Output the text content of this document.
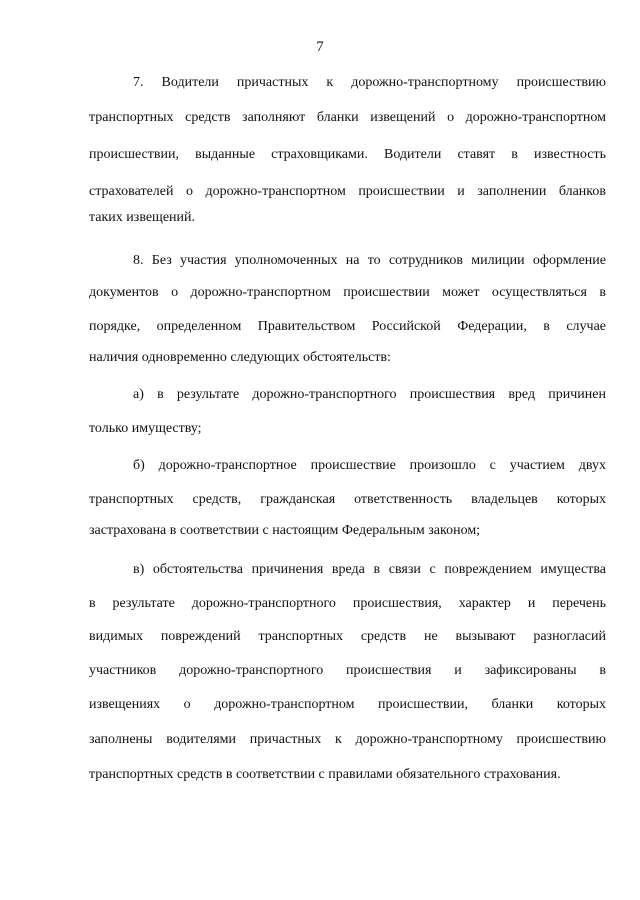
7
7. Водители причастных к дорожно-транспортному происшествию
транспортных средств заполняют бланки извещений о дорожно-транспортном
происшествии, выданные страховщиками. Водители ставят в известность
страхователей о дорожно-транспортном происшествии и заполнении бланков
таких извещений.
8. Без участия уполномоченных на то сотрудников милиции оформление
документов о дорожно-транспортном происшествии может осуществляться в
порядке, определенном Правительством Российской Федерации, в случае
наличия одновременно следующих обстоятельств:
а) в результате дорожно-транспортного происшествия вред причинен
только имуществу;
б) дорожно-транспортное происшествие произошло с участием двух
транспортных средств, гражданская ответственность владельцев которых
застрахована в соответствии с настоящим Федеральным законом;
в) обстоятельства причинения вреда в связи с повреждением имущества
в результате дорожно-транспортного происшествия, характер и перечень
видимых повреждений транспортных средств не вызывают разногласий
участников дорожно-транспортного происшествия и зафиксированы в
извещениях о дорожно-транспортном происшествии, бланки которых
заполнены водителями причастных к дорожно-транспортному происшествию
транспортных средств в соответствии с правилами обязательного страхования.
